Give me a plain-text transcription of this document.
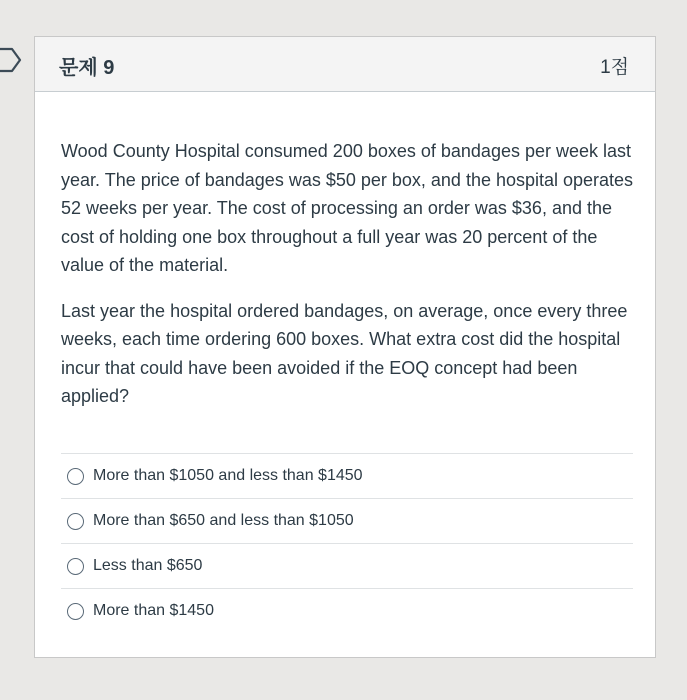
문제 9	1점

Wood County Hospital consumed 200 boxes of bandages per week last year. The price of bandages was $50 per box, and the hospital operates 52 weeks per year. The cost of processing an order was $36, and the cost of holding one box throughout a full year was 20 percent of the value of the material.

Last year the hospital ordered bandages, on average, once every three weeks, each time ordering 600 boxes. What extra cost did the hospital incur that could have been avoided if the EOQ concept had been applied?

More than $1050 and less than $1450
More than $650 and less than $1050
Less than $650
More than $1450
